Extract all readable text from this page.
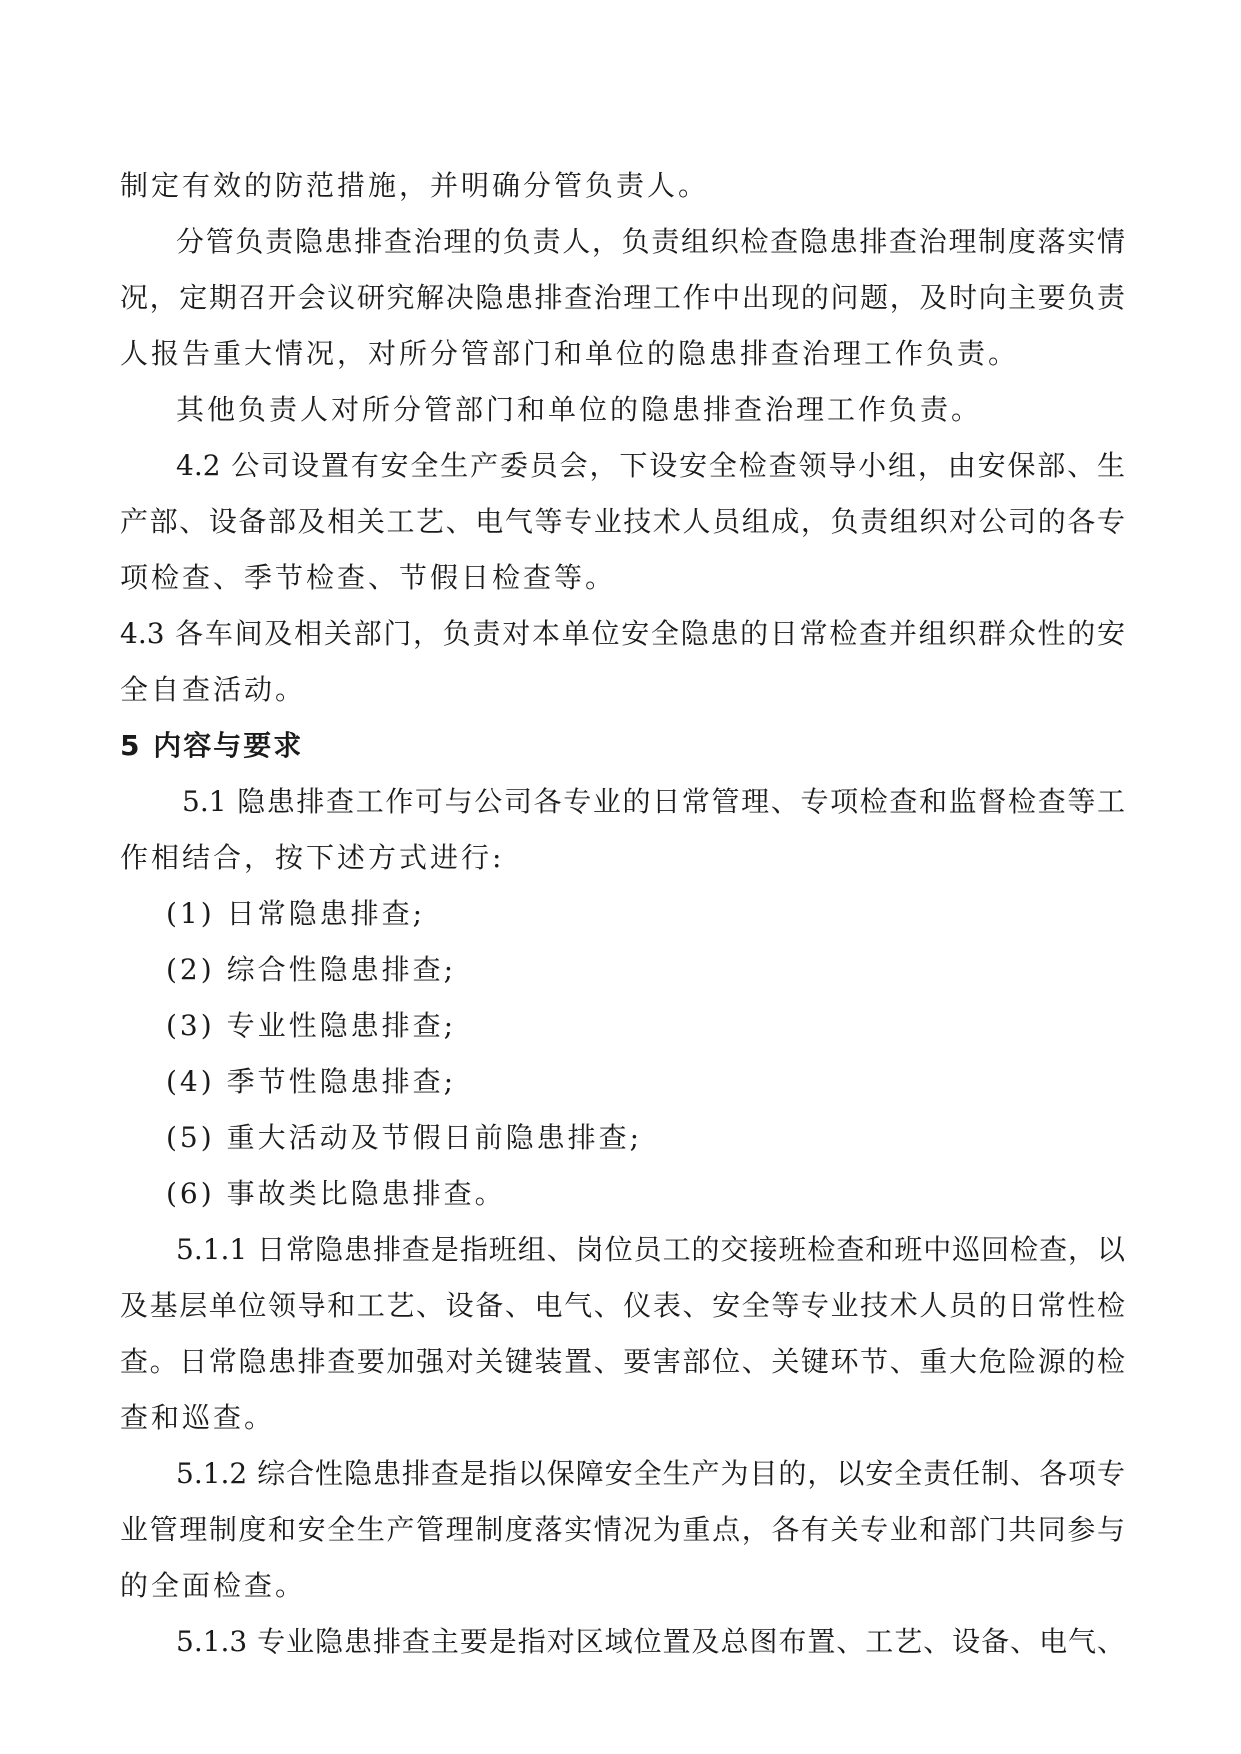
制定有效的防范措施，并明确分管负责人。
分管负责隐患排查治理的负责人，负责组织检查隐患排查治理制度落实情
况，定期召开会议研究解决隐患排查治理工作中出现的问题，及时向主要负责
人报告重大情况，对所分管部门和单位的隐患排查治理工作负责。
其他负责人对所分管部门和单位的隐患排查治理工作负责。
4.2 公司设置有安全生产委员会，下设安全检查领导小组，由安保部、生
产部、设备部及相关工艺、电气等专业技术人员组成，负责组织对公司的各专
项检查、季节检查、节假日检查等。
4.3 各车间及相关部门，负责对本单位安全隐患的日常检查并组织群众性的安
全自查活动。
5 内容与要求
5.1 隐患排查工作可与公司各专业的日常管理、专项检查和监督检查等工
作相结合，按下述方式进行:
(1) 日常隐患排查;
(2) 综合性隐患排查;
(3) 专业性隐患排查;
(4) 季节性隐患排查;
(5) 重大活动及节假日前隐患排查;
(6) 事故类比隐患排查。
5.1.1 日常隐患排查是指班组、岗位员工的交接班检查和班中巡回检查，以
及基层单位领导和工艺、设备、电气、仪表、安全等专业技术人员的日常性检
查。日常隐患排查要加强对关键装置、要害部位、关键环节、重大危险源的检
查和巡查。
5.1.2 综合性隐患排查是指以保障安全生产为目的，以安全责任制、各项专
业管理制度和安全生产管理制度落实情况为重点，各有关专业和部门共同参与
的全面检查。
5.1.3 专业隐患排查主要是指对区域位置及总图布置、工艺、设备、电气、
